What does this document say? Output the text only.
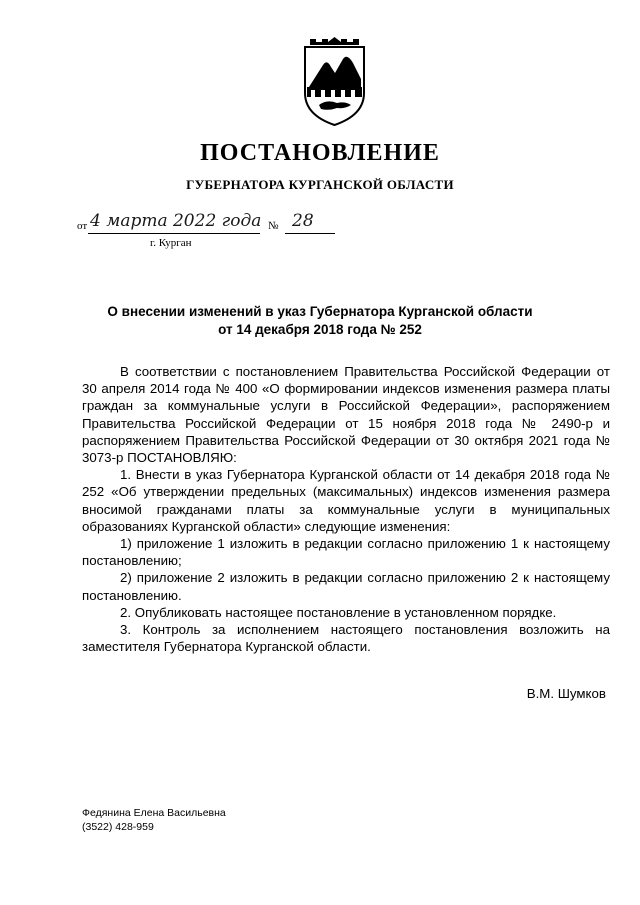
ПОСТАНОВЛЕНИЕ
ГУБЕРНАТОРА КУРГАНСКОЙ ОБЛАСТИ
от 4 марта 2022 года № 28
г. Курган
О внесении изменений в указ Губернатора Курганской области
от 14 декабря 2018 года № 252

В соответствии с постановлением Правительства Российской Федерации от 30 апреля 2014 года № 400 «О формировании индексов изменения размера платы граждан за коммунальные услуги в Российской Федерации», распоряжением Правительства Российской Федерации от 15 ноября 2018 года № 2490-р и распоряжением Правительства Российской Федерации от 30 октября 2021 года № 3073-р ПОСТАНОВЛЯЮ:

1. Внести в указ Губернатора Курганской области от 14 декабря 2018 года № 252 «Об утверждении предельных (максимальных) индексов изменения размера вносимой гражданами платы за коммунальные услуги в муниципальных образованиях Курганской области» следующие изменения:

1) приложение 1 изложить в редакции согласно приложению 1 к настоящему постановлению;

2) приложение 2 изложить в редакции согласно приложению 2 к настоящему постановлению.

2. Опубликовать настоящее постановление в установленном порядке.

3. Контроль за исполнением настоящего постановления возложить на заместителя Губернатора Курганской области.

В.М. Шумков
Федянина Елена Васильевна
(3522) 428-959
